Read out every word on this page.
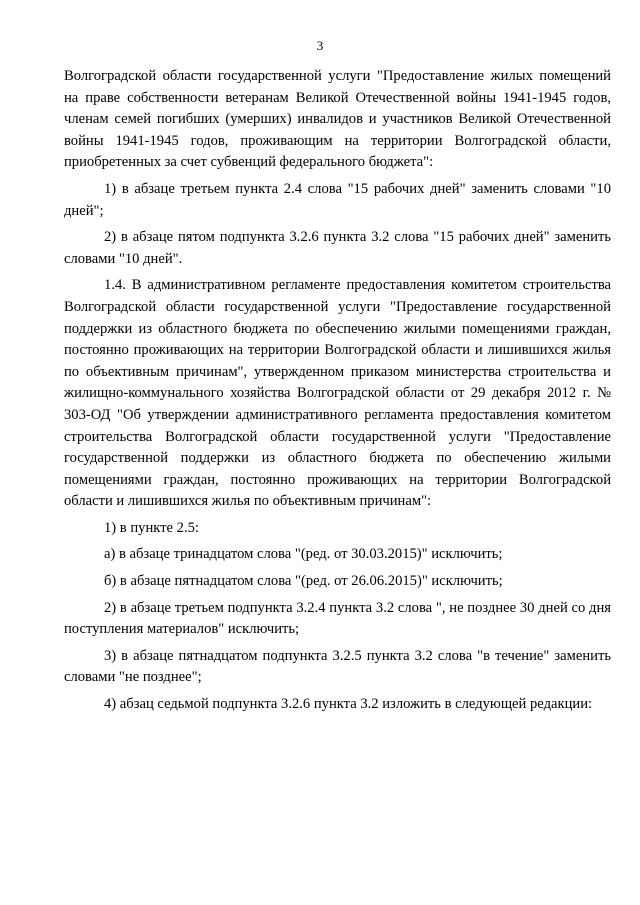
3

Волгоградской области государственной услуги "Предоставление жилых помещений на праве собственности ветеранам Великой Отечественной войны 1941-1945 годов, членам семей погибших (умерших) инвалидов и участников Великой Отечественной войны 1941-1945 годов, проживающим на территории Волгоградской области, приобретенных за счет субвенций федерального бюджета":

1) в абзаце третьем пункта 2.4 слова "15 рабочих дней" заменить словами "10 дней";

2) в абзаце пятом подпункта 3.2.6 пункта 3.2 слова "15 рабочих дней" заменить словами "10 дней".

1.4. В административном регламенте предоставления комитетом строительства Волгоградской области государственной услуги "Предоставление государственной поддержки из областного бюджета по обеспечению жилыми помещениями граждан, постоянно проживающих на территории Волгоградской области и лишившихся жилья по объективным причинам", утвержденном приказом министерства строительства и жилищно-коммунального хозяйства Волгоградской области от 29 декабря 2012 г. № 303-ОД "Об утверждении административного регламента предоставления комитетом строительства Волгоградской области государственной услуги "Предоставление государственной поддержки из областного бюджета по обеспечению жилыми помещениями граждан, постоянно проживающих на территории Волгоградской области и лишившихся жилья по объективным причинам":

1) в пункте 2.5:

а) в абзаце тринадцатом слова "(ред. от 30.03.2015)" исключить;

б) в абзаце пятнадцатом слова "(ред. от 26.06.2015)" исключить;

2) в абзаце третьем подпункта 3.2.4 пункта 3.2 слова ", не позднее 30 дней со дня поступления материалов" исключить;

3) в абзаце пятнадцатом подпункта 3.2.5 пункта 3.2 слова "в течение" заменить словами "не позднее";

4) абзац седьмой подпункта 3.2.6 пункта 3.2 изложить в следующей редакции:
